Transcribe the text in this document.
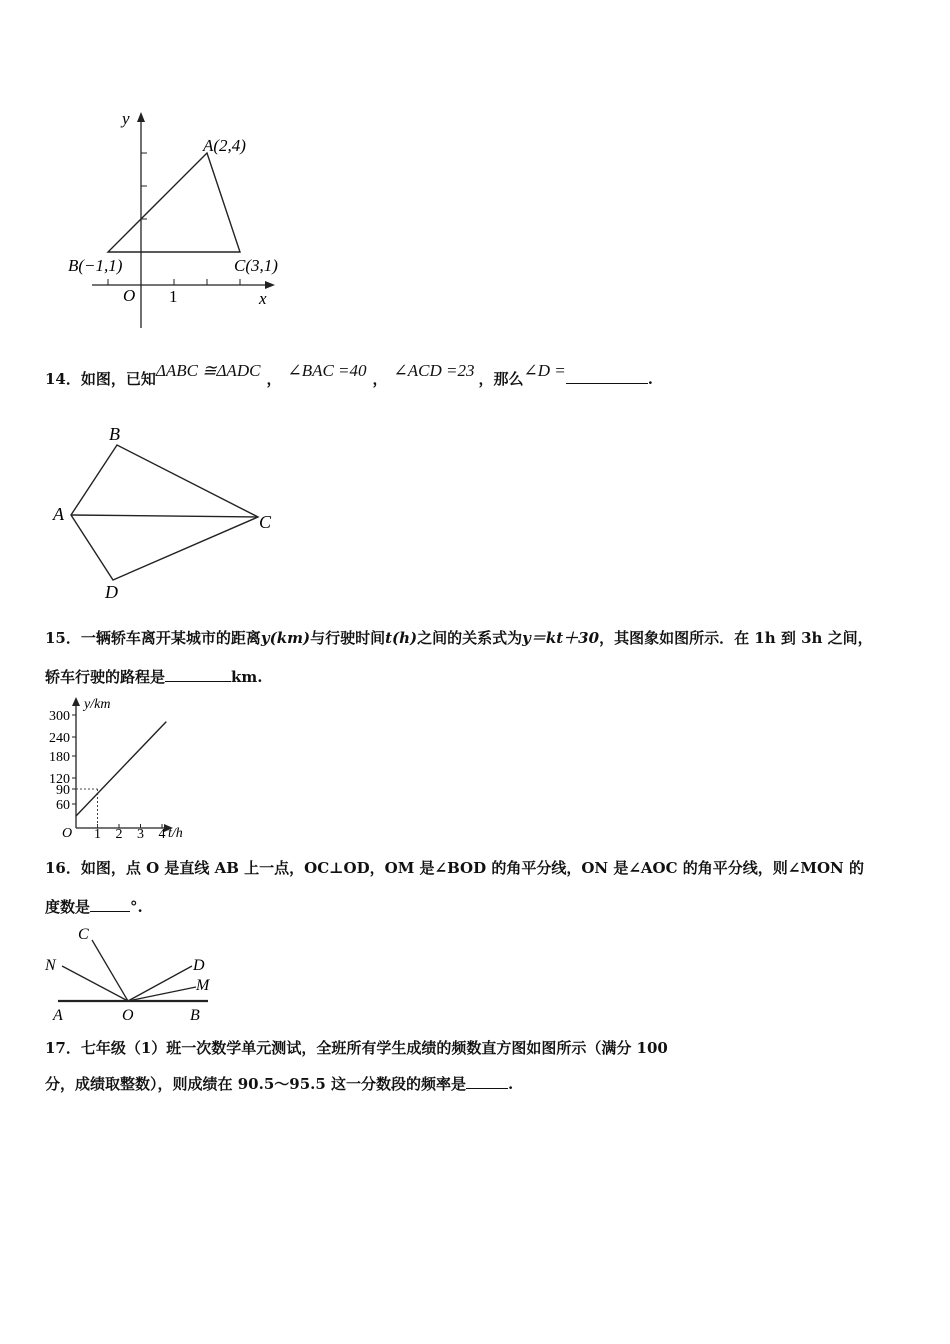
y
x
O 1
A(2,4)
B(−1,1)	C(3,1)
14．如图，已知ΔABC ≅ΔADC ， ∠BAC =40 ， ∠ACD =23 ，那么∠D =	.
A
B
C
D
15．一辆轿车离开某城市的距离y(km)与行驶时间t(h)之间的关系式为y＝kt＋30，其图象如图所示．在 1h 到 3h 之间，
轿车行驶的路程是	km.
y/km
t/h
O
60
90
120
180
240
300
1 2 3 4
16．如图，点 O 是直线 AB 上一点，OC⊥OD，OM 是∠BOD 的角平分线，ON 是∠AOC 的角平分线，则∠MON 的
度数是	°.
C
N	D
M
A	O	B
17．七年级（1）班一次数学单元测试，全班所有学生成绩的频数直方图如图所示（满分 100
分，成绩取整数），则成绩在 90.5～95.5 这一分数段的频率是	.
